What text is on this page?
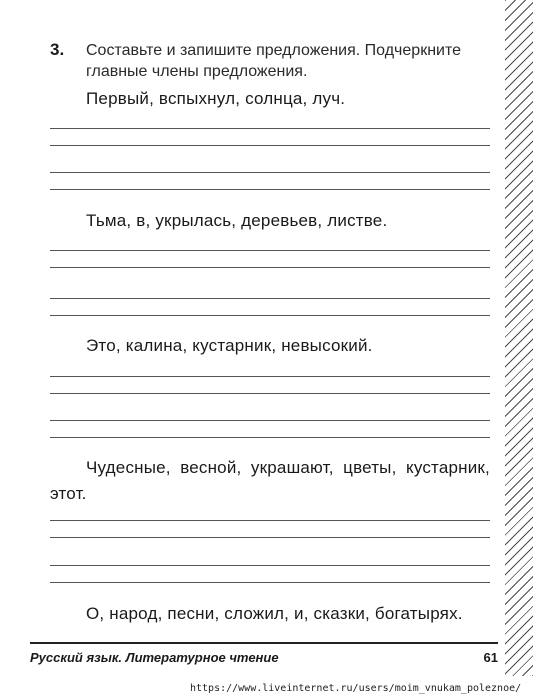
3. Составьте и запишите предложения. Подчеркните главные члены предложения.
Первый, вспыхнул, солнца, луч.
Тьма, в, укрылась, деревьев, листве.
Это, калина, кустарник, невысокий.
Чудесные, весной, украшают, цветы, кустарник, этот.
О, народ, песни, сложил, и, сказки, богатырях.
Русский язык. Литературное чтение	61
https://www.liveinternet.ru/users/moim_vnukam_poleznoe/
